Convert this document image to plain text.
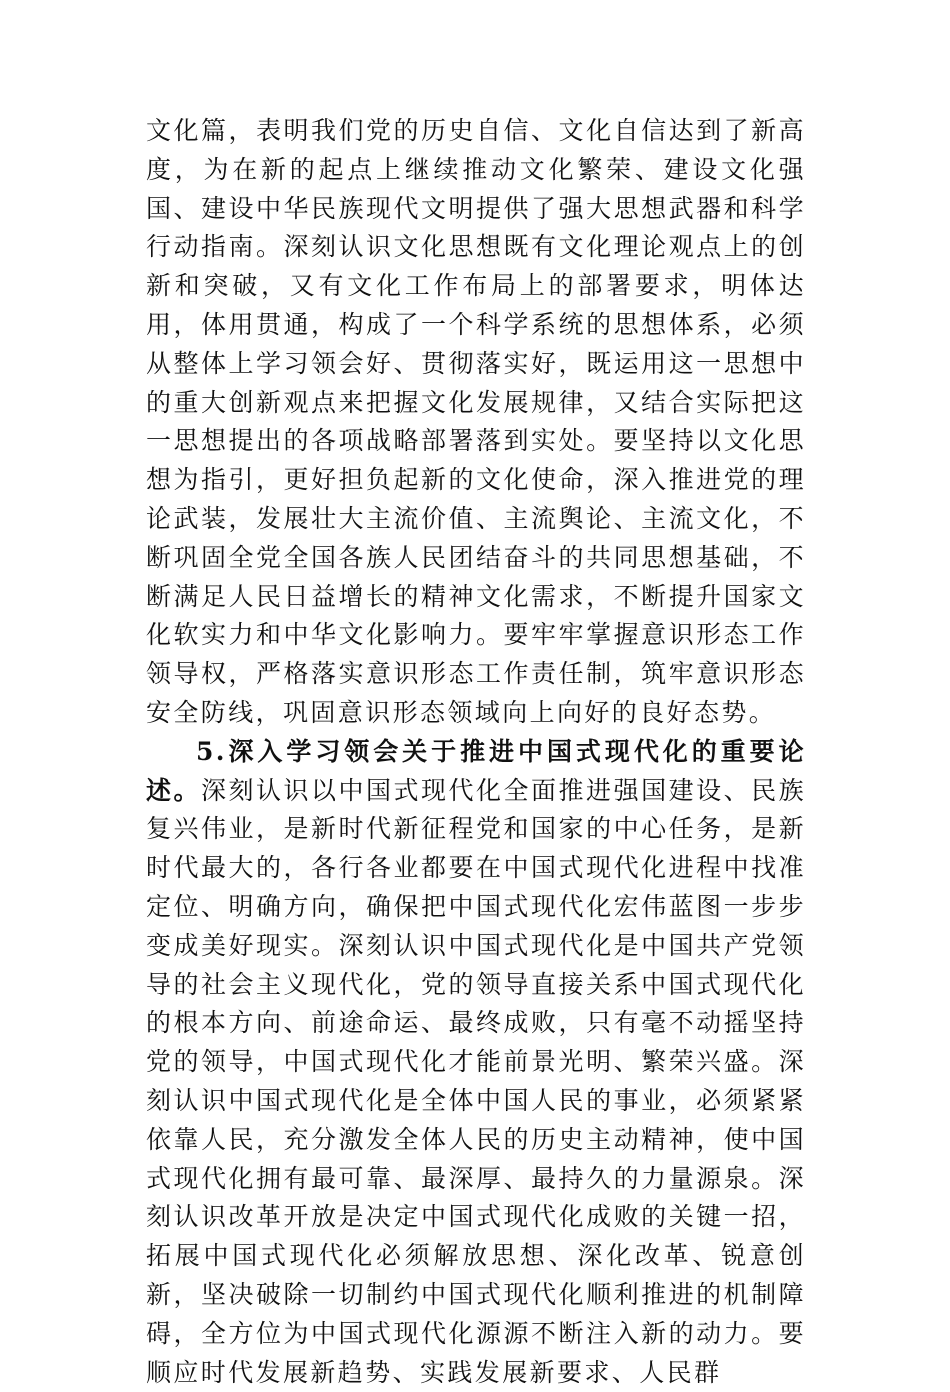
文化篇，表明我们党的历史自信、文化自信达到了新高度，为在新的起点上继续推动文化繁荣、建设文化强国、建设中华民族现代文明提供了强大思想武器和科学行动指南。深刻认识文化思想既有文化理论观点上的创新和突破，又有文化工作布局上的部署要求，明体达用，体用贯通，构成了一个科学系统的思想体系，必须从整体上学习领会好、贯彻落实好，既运用这一思想中的重大创新观点来把握文化发展规律，又结合实际把这一思想提出的各项战略部署落到实处。要坚持以文化思想为指引，更好担负起新的文化使命，深入推进党的理论武装，发展壮大主流价值、主流舆论、主流文化，不断巩固全党全国各族人民团结奋斗的共同思想基础，不断满足人民日益增长的精神文化需求，不断提升国家文化软实力和中华文化影响力。要牢牢掌握意识形态工作领导权，严格落实意识形态工作责任制，筑牢意识形态安全防线，巩固意识形态领域向上向好的良好态势。

5.深入学习领会关于推进中国式现代化的重要论述。深刻认识以中国式现代化全面推进强国建设、民族复兴伟业，是新时代新征程党和国家的中心任务，是新时代最大的，各行各业都要在中国式现代化进程中找准定位、明确方向，确保把中国式现代化宏伟蓝图一步步变成美好现实。深刻认识中国式现代化是中国共产党领导的社会主义现代化，党的领导直接关系中国式现代化的根本方向、前途命运、最终成败，只有毫不动摇坚持党的领导，中国式现代化才能前景光明、繁荣兴盛。深刻认识中国式现代化是全体中国人民的事业，必须紧紧依靠人民，充分激发全体人民的历史主动精神，使中国式现代化拥有最可靠、最深厚、最持久的力量源泉。深刻认识改革开放是决定中国式现代化成败的关键一招，拓展中国式现代化必须解放思想、深化改革、锐意创新，坚决破除一切制约中国式现代化顺利推进的机制障碍，全方位为中国式现代化源源不断注入新的动力。要顺应时代发展新趋势、实践发展新要求、人民群
